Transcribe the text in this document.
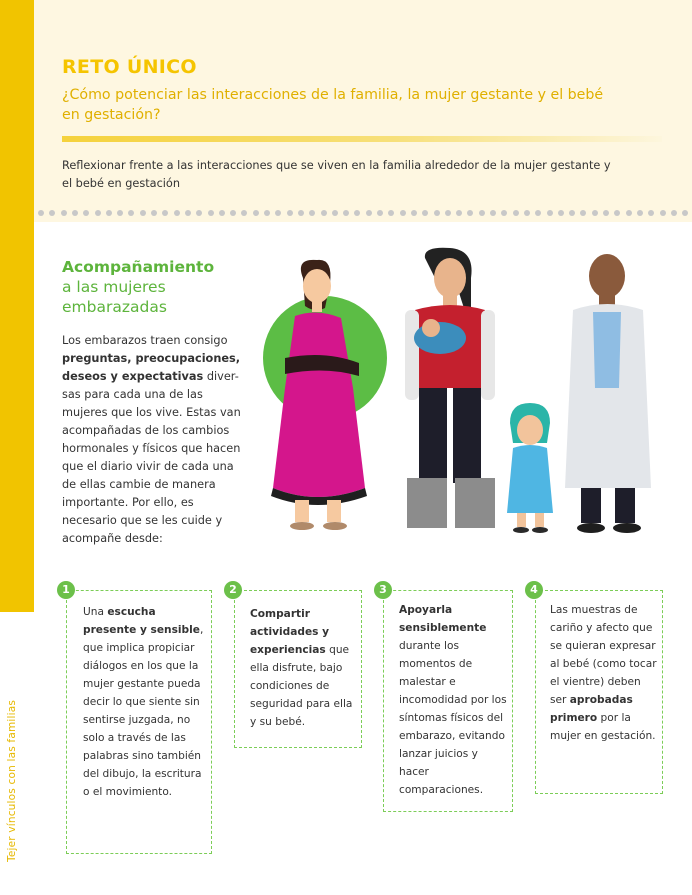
Tejer vínculos con las familias
RETO ÚNICO
¿Cómo potenciar las interacciones de la familia, la mujer gestante y el bebé en gestación?
Reflexionar frente a las interacciones que se viven en la familia alrededor de la mujer gestante y el bebé en gestación
Acompañamiento
a las mujeres embarazadas
Los embarazos traen consigo preguntas, preocupaciones, deseos y expectativas diver-sas para cada una de las mujeres que los vive. Estas van acompañadas de los cambios hormonales y físicos que hacen que el diario vivir de cada una de ellas cambie de manera importante. Por ello, es necesario que se les cuide y acompañe desde:

Una escucha presente y sensible, que implica propiciar diálogos en los que la mujer gestante pueda decir lo que siente sin sentirse juzgada, no solo a través de las palabras sino también del dibujo, la escritura o el movimiento.

1

Compartir actividades y experiencias que ella disfrute, bajo condiciones de seguridad para ella y su bebé.

2

Apoyarla sensiblemente durante los momentos de malestar e incomodidad por los síntomas físicos del embarazo, evitando lanzar juicios y hacer comparaciones.

3

Las muestras de cariño y afecto que se quieran expresar al bebé (como tocar el vientre) deben ser aprobadas primero por la mujer en gestación.

4
